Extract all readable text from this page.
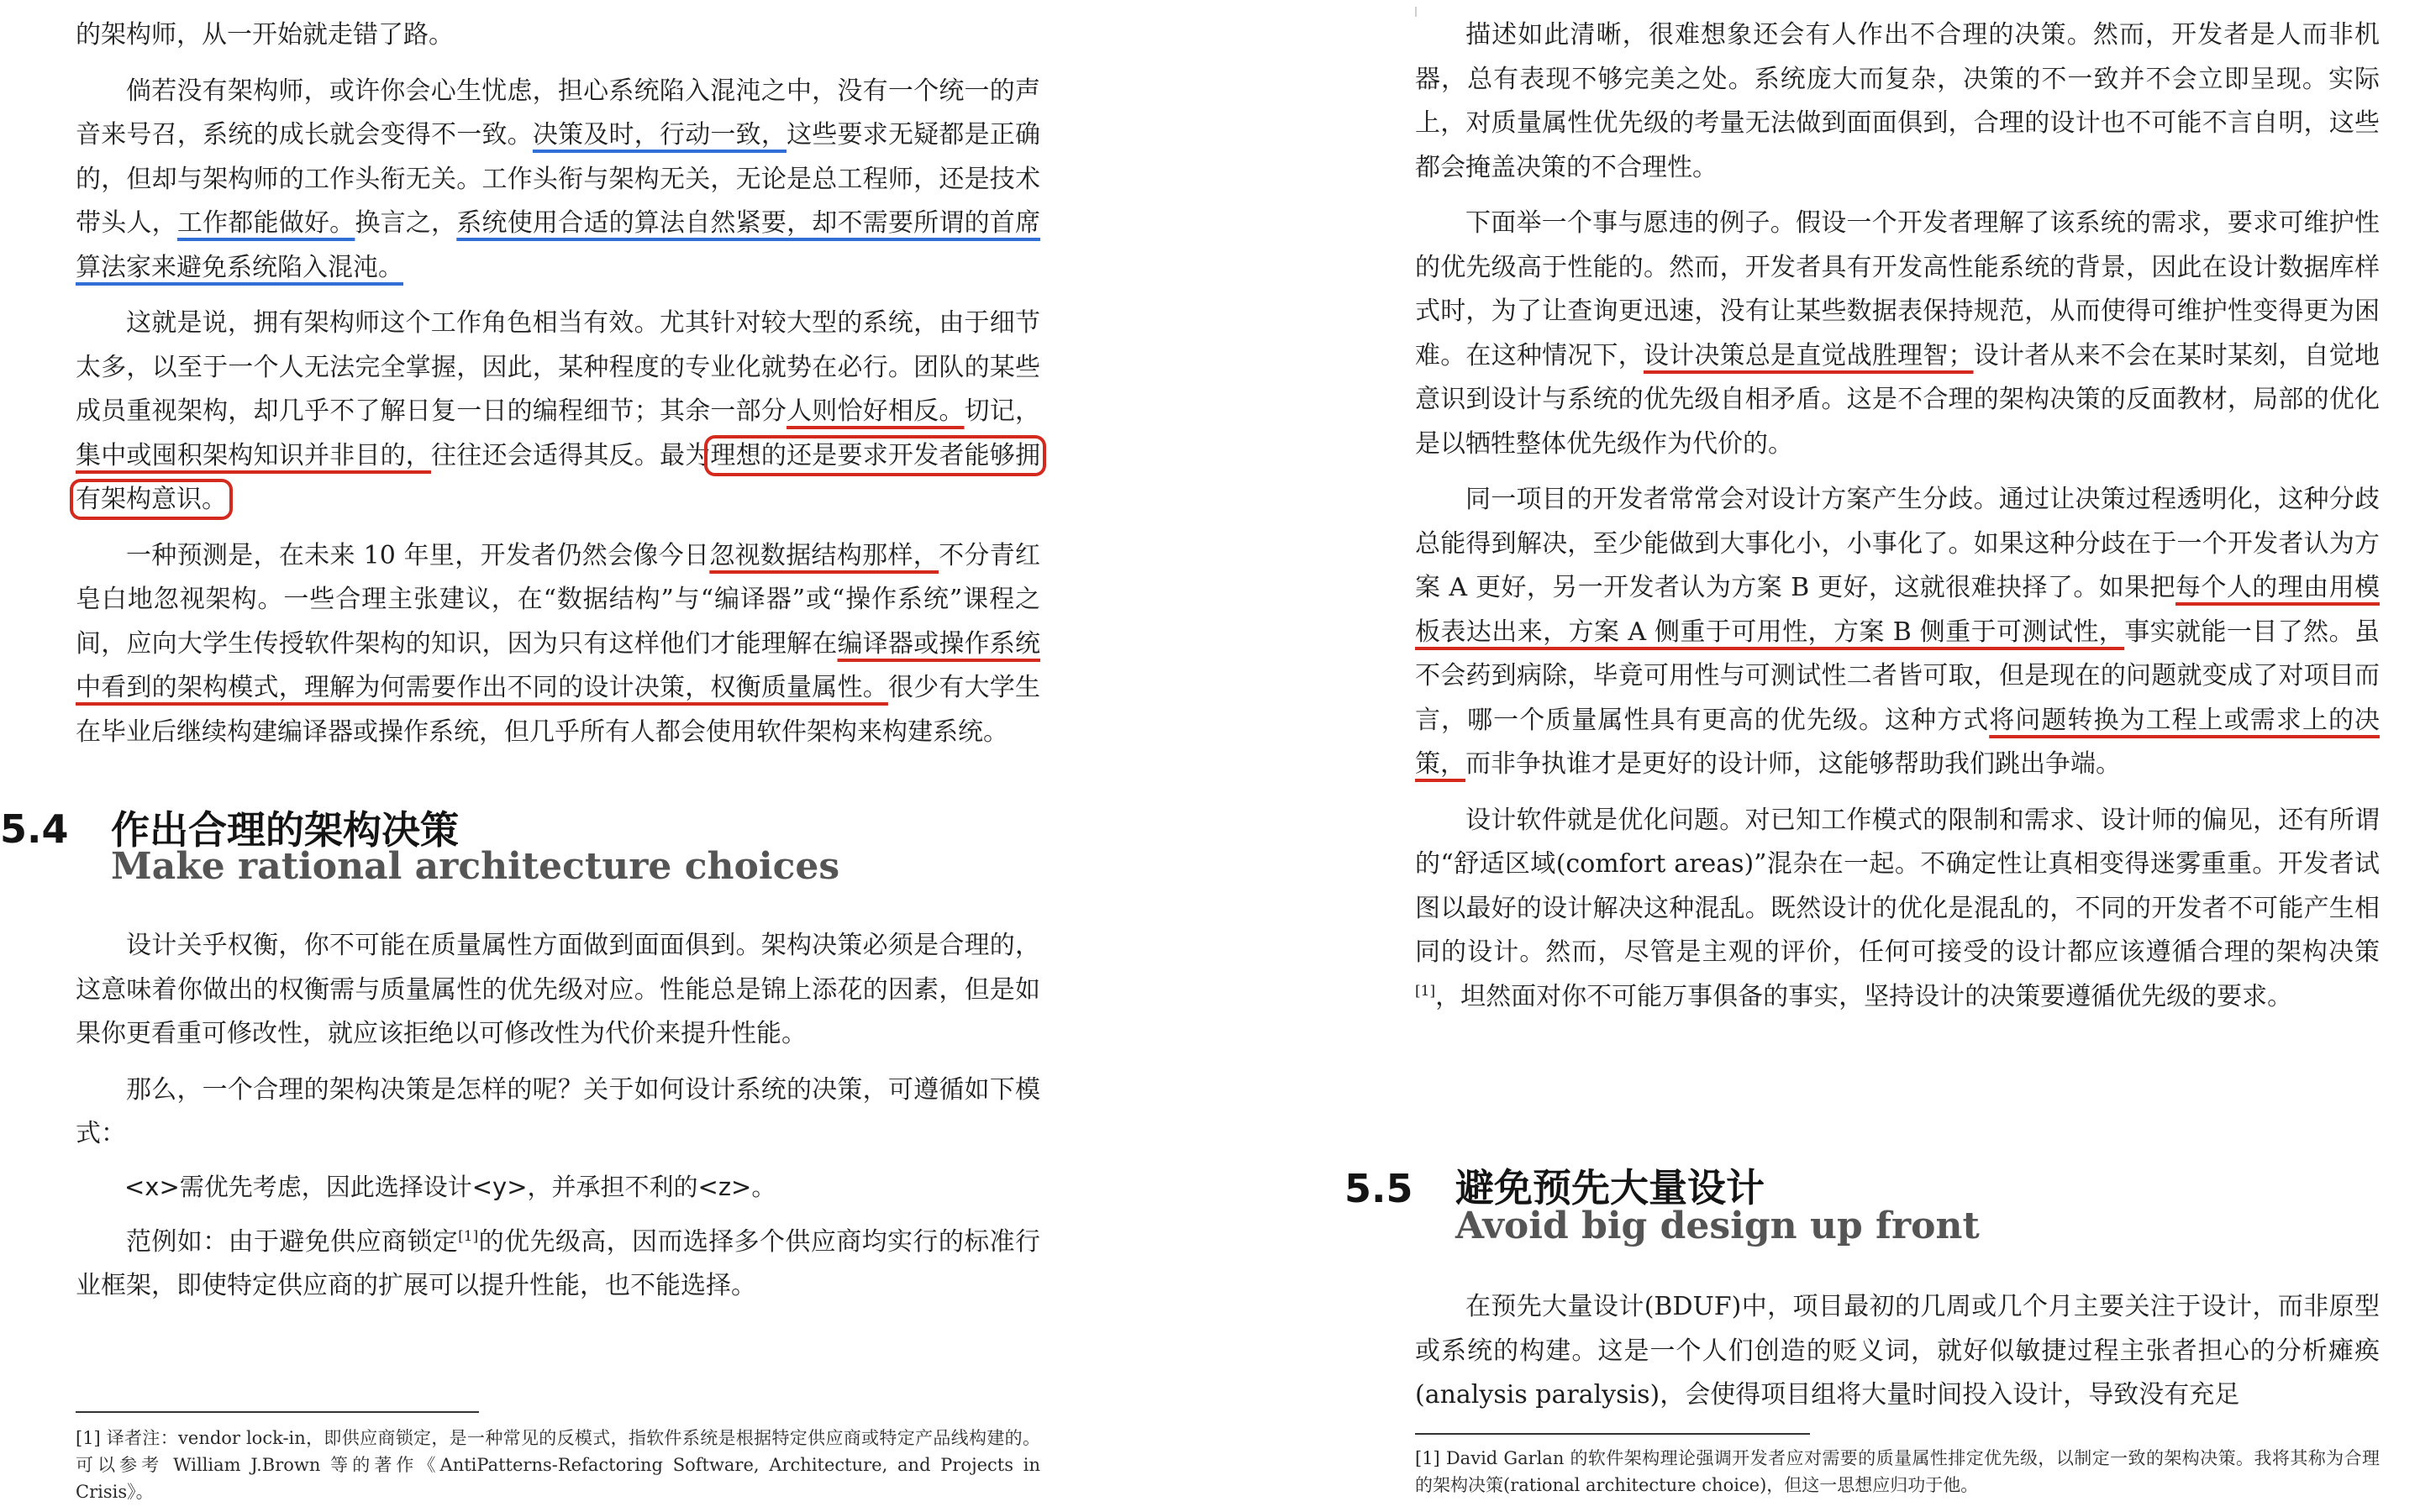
的架构师，从一开始就走错了路。

倘若没有架构师，或许你会心生忧虑，担心系统陷入混沌之中，没有一个统一的声音来号召，系统的成长就会变得不一致。决策及时，行动一致，这些要求无疑都是正确的，但却与架构师的工作头衔无关。工作头衔与架构无关，无论是总工程师，还是技术带头人，工作都能做好。换言之，系统使用合适的算法自然紧要，却不需要所谓的首席算法家来避免系统陷入混沌。

这就是说，拥有架构师这个工作角色相当有效。尤其针对较大型的系统，由于细节太多，以至于一个人无法完全掌握，因此，某种程度的专业化就势在必行。团队的某些成员重视架构，却几乎不了解日复一日的编程细节；其余一部分人则恰好相反。切记，集中或囤积架构知识并非目的，往往还会适得其反。最为理想的还是要求开发者能够拥有架构意识。

一种预测是，在未来 10 年里，开发者仍然会像今日忽视数据结构那样，不分青红皂白地忽视架构。一些合理主张建议，在“数据结构”与“编译器”或“操作系统”课程之间，应向大学生传授软件架构的知识，因为只有这样他们才能理解在编译器或操作系统中看到的架构模式，理解为何需要作出不同的设计决策，权衡质量属性。很少有大学生在毕业后继续构建编译器或操作系统，但几乎所有人都会使用软件架构来构建系统。

5.4 作出合理的架构决策
Make rational architecture choices

设计关乎权衡，你不可能在质量属性方面做到面面俱到。架构决策必须是合理的，这意味着你做出的权衡需与质量属性的优先级对应。性能总是锦上添花的因素，但是如果你更看重可修改性，就应该拒绝以可修改性为代价来提升性能。

那么，一个合理的架构决策是怎样的呢？关于如何设计系统的决策，可遵循如下模式：

<x>需优先考虑，因此选择设计<y>，并承担不利的<z>。

范例如：由于避免供应商锁定[1]的优先级高，因而选择多个供应商均实行的标准行业框架，即使特定供应商的扩展可以提升性能，也不能选择。

[1] 译者注：vendor lock-in，即供应商锁定，是一种常见的反模式，指软件系统是根据特定供应商或特定产品线构建的。可以参考 William J.Brown 等的著作《AntiPatterns-Refactoring Software, Architecture, and Projects in Crisis》。

描述如此清晰，很难想象还会有人作出不合理的决策。然而，开发者是人而非机器，总有表现不够完美之处。系统庞大而复杂，决策的不一致并不会立即呈现。实际上，对质量属性优先级的考量无法做到面面俱到，合理的设计也不可能不言自明，这些都会掩盖决策的不合理性。

下面举一个事与愿违的例子。假设一个开发者理解了该系统的需求，要求可维护性的优先级高于性能的。然而，开发者具有开发高性能系统的背景，因此在设计数据库样式时，为了让查询更迅速，没有让某些数据表保持规范，从而使得可维护性变得更为困难。在这种情况下，设计决策总是直觉战胜理智；设计者从来不会在某时某刻，自觉地意识到设计与系统的优先级自相矛盾。这是不合理的架构决策的反面教材，局部的优化是以牺牲整体优先级作为代价的。

同一项目的开发者常常会对设计方案产生分歧。通过让决策过程透明化，这种分歧总能得到解决，至少能做到大事化小，小事化了。如果这种分歧在于一个开发者认为方案 A 更好，另一开发者认为方案 B 更好，这就很难抉择了。如果把每个人的理由用模板表达出来，方案 A 侧重于可用性，方案 B 侧重于可测试性，事实就能一目了然。虽不会药到病除，毕竟可用性与可测试性二者皆可取，但是现在的问题就变成了对项目而言，哪一个质量属性具有更高的优先级。这种方式将问题转换为工程上或需求上的决策，而非争执谁才是更好的设计师，这能够帮助我们跳出争端。

设计软件就是优化问题。对已知工作模式的限制和需求、设计师的偏见，还有所谓的“舒适区域(comfort areas)”混杂在一起。不确定性让真相变得迷雾重重。开发者试图以最好的设计解决这种混乱。既然设计的优化是混乱的，不同的开发者不可能产生相同的设计。然而，尽管是主观的评价，任何可接受的设计都应该遵循合理的架构决策[1]，坦然面对你不可能万事俱备的事实，坚持设计的决策要遵循优先级的要求。

5.5 避免预先大量设计
Avoid big design up front

在预先大量设计(BDUF)中，项目最初的几周或几个月主要关注于设计，而非原型或系统的构建。这是一个人们创造的贬义词，就好似敏捷过程主张者担心的分析瘫痪(analysis paralysis)，会使得项目组将大量时间投入设计，导致没有充足

[1] David Garlan 的软件架构理论强调开发者应对需要的质量属性排定优先级，以制定一致的架构决策。我将其称为合理的架构决策(rational architecture choice)，但这一思想应归功于他。
